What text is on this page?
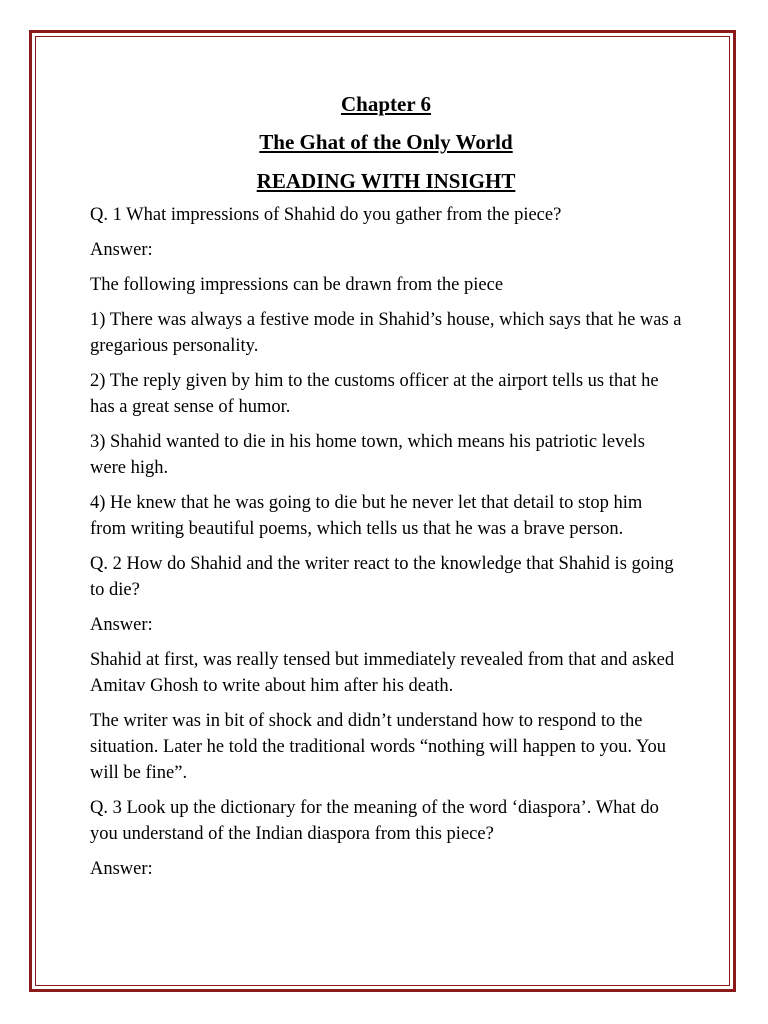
Chapter 6
The Ghat of the Only World
READING WITH INSIGHT

Q. 1 What impressions of Shahid do you gather from the piece?

Answer:

The following impressions can be drawn from the piece

1) There was always a festive mode in Shahid’s house, which says that he was a gregarious personality.

2) The reply given by him to the customs officer at the airport tells us that he has a great sense of humor.

3) Shahid wanted to die in his home town, which means his patriotic levels were high.

4) He knew that he was going to die but he never let that detail to stop him from writing beautiful poems, which tells us that he was a brave person.

Q. 2 How do Shahid and the writer react to the knowledge that Shahid is going to die?

Answer:

Shahid at first, was really tensed but immediately revealed from that and asked Amitav Ghosh to write about him after his death.

The writer was in bit of shock and didn’t understand how to respond to the situation. Later he told the traditional words “nothing will happen to you. You will be fine”.

Q. 3 Look up the dictionary for the meaning of the word ‘diaspora’. What do you understand of the Indian diaspora from this piece?

Answer:
